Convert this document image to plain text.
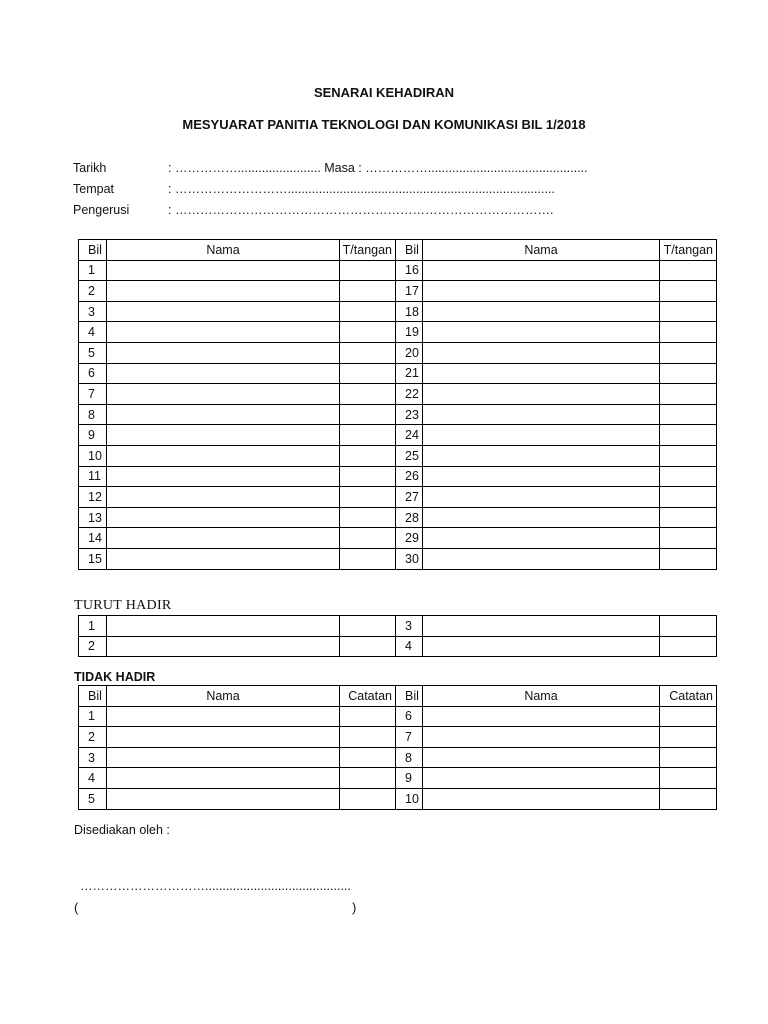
SENARAI KEHADIRAN
MESYUARAT PANITIA TEKNOLOGI DAN KOMUNIKASI BIL 1/2018
Tarikh	: ……………........................ Masa : ……………..............................................
Tempat	: ……………………….............................................................................
Pengerusi	: ……………………………………………………………………………….
Bil	Nama	T/tangan	Bil	Nama	T/tangan
1			16		
2			17		
3			18		
4			19		
5			20		
6			21		
7			22		
8			23		
9			24		
10			25		
11			26		
12			27		
13			28		
14			29		
15			30		
TURUT HADIR
1			3		
2			4		
TIDAK HADIR
Bil	Nama	Catatan	Bil	Nama	Catatan
1			6		
2			7		
3			8		
4			9		
5			10		
Disediakan oleh :
…………………………..........................................
(	)
